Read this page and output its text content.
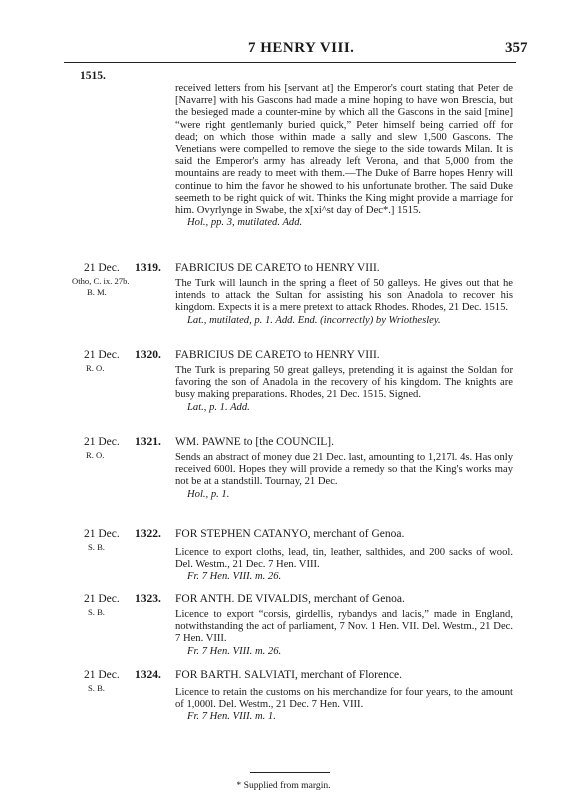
7 HENRY VIII.	357
1515.
received letters from his [servant at] the Emperor's court stating that Peter de [Navarre] with his Gascons had made a mine hoping to have won Brescia, but the besieged made a counter-mine by which all the Gascons in the said [mine] “were right gentlemanly buried quick,” Peter himself being carried off for dead; on which those within made a sally and slew 1,500 Gascons. The Venetians were compelled to remove the siege to the side towards Milan. It is said the Emperor's army has already left Verona, and that 5,000 from the mountains are ready to meet with them.—The Duke of Barre hopes Henry will continue to him the favor he showed to his unfortunate brother. The said Duke seemeth to be right quick of wit. Thinks the King might provide a marriage for him. Ovyrlynge in Swabe, the x[xi^st day of Dec*.] 1515.
Hol., pp. 3, mutilated. Add.
21 Dec. 1319.
Otho, C. ix. 27b.
B. M.
FABRICIUS DE CARETO to HENRY VIII.
The Turk will launch in the spring a fleet of 50 galleys. He gives out that he intends to attack the Sultan for assisting his son Anadola to recover his kingdom. Expects it is a mere pretext to attack Rhodes. Rhodes, 21 Dec. 1515.
Lat., mutilated, p. 1. Add. End. (incorrectly) by Wriothesley.
21 Dec. 1320.
R. O.
FABRICIUS DE CARETO to HENRY VIII.
The Turk is preparing 50 great galleys, pretending it is against the Soldan for favoring the son of Anadola in the recovery of his kingdom. The knights are busy making preparations. Rhodes, 21 Dec. 1515. Signed.
Lat., p. 1. Add.
21 Dec. 1321.
R. O.
WM. PAWNE to [the COUNCIL].
Sends an abstract of money due 21 Dec. last, amounting to 1,217l. 4s. Has only received 600l. Hopes they will provide a remedy so that the King's works may not be at a standstill. Tournay, 21 Dec.
Hol., p. 1.
21 Dec. 1322.
S. B.
FOR STEPHEN CATANYO, merchant of Genoa.
Licence to export cloths, lead, tin, leather, salthides, and 200 sacks of wool. Del. Westm., 21 Dec. 7 Hen. VIII.
Fr. 7 Hen. VIII. m. 26.
21 Dec. 1323.
S. B.
FOR ANTH. DE VIVALDIS, merchant of Genoa.
Licence to export “corsis, girdellis, rybandys and lacis,” made in England, notwithstanding the act of parliament, 7 Nov. 1 Hen. VII. Del. Westm., 21 Dec. 7 Hen. VIII.
Fr. 7 Hen. VIII. m. 26.
21 Dec. 1324.
S. B.
FOR BARTH. SALVIATI, merchant of Florence.
Licence to retain the customs on his merchandize for four years, to the amount of 1,000l. Del. Westm., 21 Dec. 7 Hen. VIII.
Fr. 7 Hen. VIII. m. 1.
* Supplied from margin.
